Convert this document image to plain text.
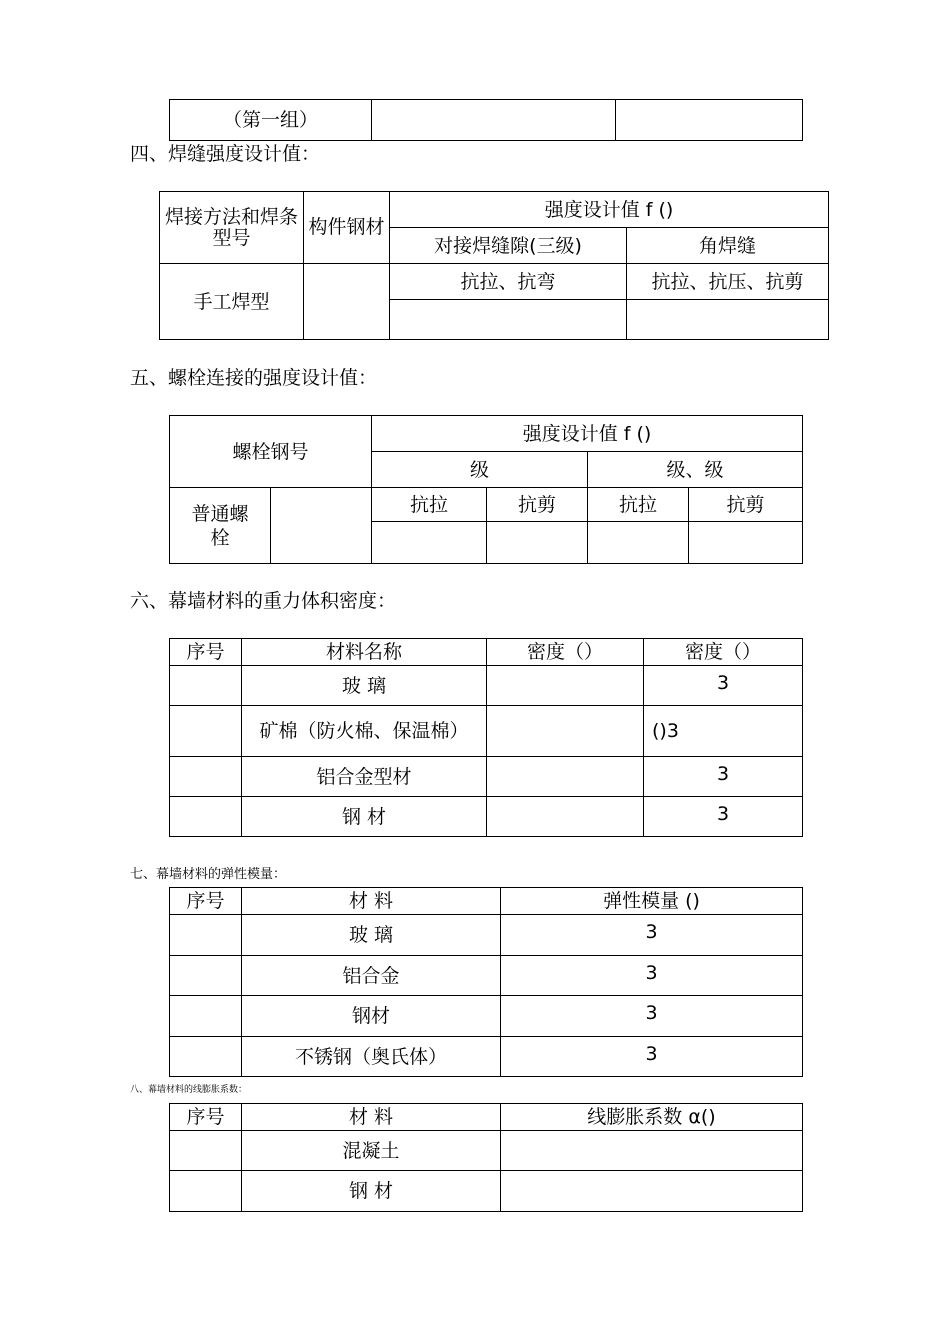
（第一组）		
四、焊缝强度设计值：
焊接方法和焊条型号	构件钢材	强度设计值 f ()	
		对接焊缝隙(三级)	角焊缝
手工焊型		抗拉、抗弯	抗拉、抗压、抗剪

五、螺栓连接的强度设计值：
螺栓钢号		强度设计值 f ()			
		级		级、级	
普通螺栓		抗拉	抗剪	抗拉	抗剪

六、幕墙材料的重力体积密度：
序号	材料名称	密度（）	密度（）
	玻 璃		3
	矿棉（防火棉、保温棉）		()3
	铝合金型材		3
	钢 材		3
七、幕墙材料的弹性模量：
序号	材 料	弹性模量 ()
	玻 璃	3
	铝合金	3
	钢材	3
	不锈钢（奥氏体）	3
八、幕墙材料的线膨胀系数：
序号	材 料	线膨胀系数 α()
	混凝土	
	钢 材	
